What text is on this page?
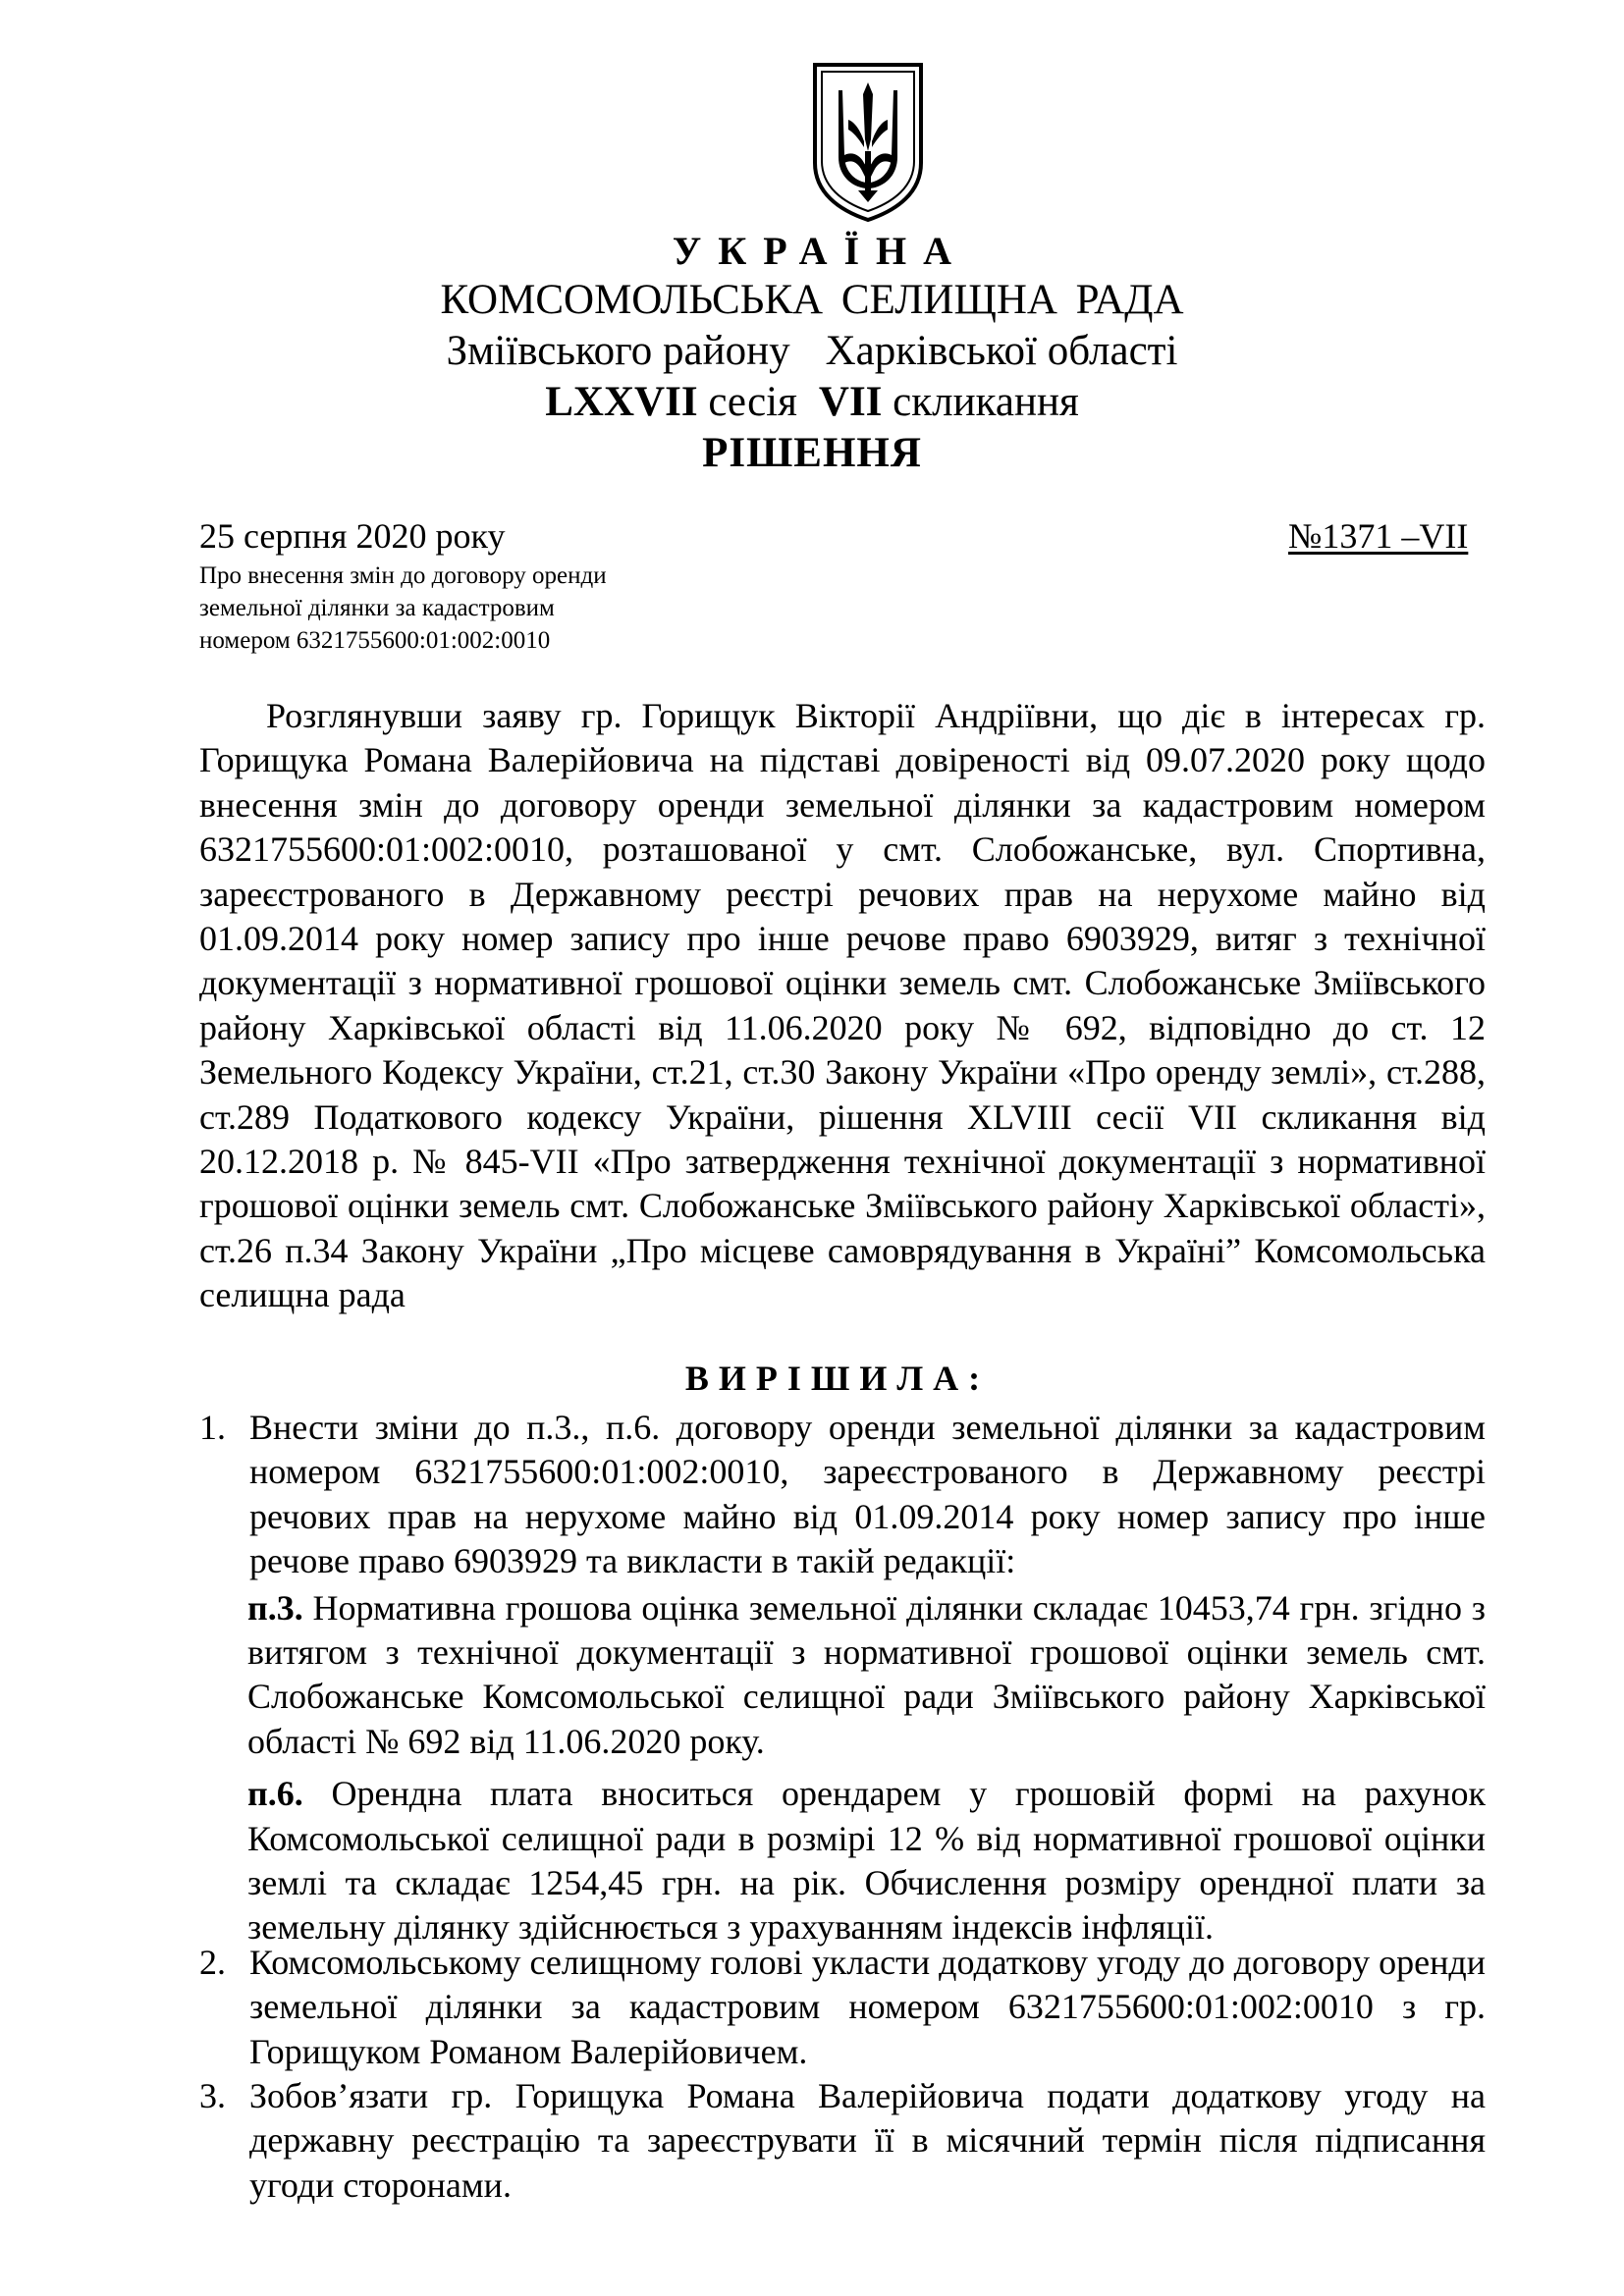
УКРАЇНА
КОМСОМОЛЬСЬКА СЕЛИЩНА РАДА
Зміївського району Харківської області
LXXVII сесія VII скликання
РІШЕННЯ
25 серпня 2020 року	№1371 –VII
Про внесення змін до договору оренди
земельної ділянки за кадастровим
номером 6321755600:01:002:0010

Розглянувши заяву гр. Горищук Вікторії Андріївни, що діє в інтересах гр. Горищука Романа Валерійовича на підставі довіреності від 09.07.2020 року щодо внесення змін до договору оренди земельної ділянки за кадастровим номером 6321755600:01:002:0010, розташованої у смт. Слобожанське, вул. Спортивна, зареєстрованого в Державному реєстрі речових прав на нерухоме майно від 01.09.2014 року номер запису про інше речове право 6903929, витяг з технічної документації з нормативної грошової оцінки земель смт. Слобожанське Зміївського району Харківської області від 11.06.2020 року № 692, відповідно до ст. 12 Земельного Кодексу України, ст.21, ст.30 Закону України «Про оренду землі», ст.288, ст.289 Податкового кодексу України, рішення XLVIII сесії VII скликання від 20.12.2018 р. № 845-VII «Про затвердження технічної документації з нормативної грошової оцінки земель смт. Слобожанське Зміївського району Харківської області», ст.26 п.34 Закону України „Про місцеве самоврядування в Україні” Комсомольська селищна рада

ВИРІШИЛА:
1. Внести зміни до п.3., п.6. договору оренди земельної ділянки за кадастровим номером 6321755600:01:002:0010, зареєстрованого в Державному реєстрі речових прав на нерухоме майно від 01.09.2014 року номер запису про інше речове право 6903929 та викласти в такій редакції:
п.3. Нормативна грошова оцінка земельної ділянки складає 10453,74 грн. згідно з витягом з технічної документації з нормативної грошової оцінки земель смт. Слобожанське Комсомольської селищної ради Зміївського району Харківської області № 692 від 11.06.2020 року.
п.6. Орендна плата вноситься орендарем у грошовій формі на рахунок Комсомольської селищної ради в розмірі 12 % від нормативної грошової оцінки землі та складає 1254,45 грн. на рік. Обчислення розміру орендної плати за земельну ділянку здійснюється з урахуванням індексів інфляції.
2. Комсомольському селищному голові укласти додаткову угоду до договору оренди земельної ділянки за кадастровим номером 6321755600:01:002:0010 з гр. Горищуком Романом Валерійовичем.
3. Зобов’язати гр. Горищука Романа Валерійовича подати додаткову угоду на державну реєстрацію та зареєструвати її в місячний термін після підписання угоди сторонами.
